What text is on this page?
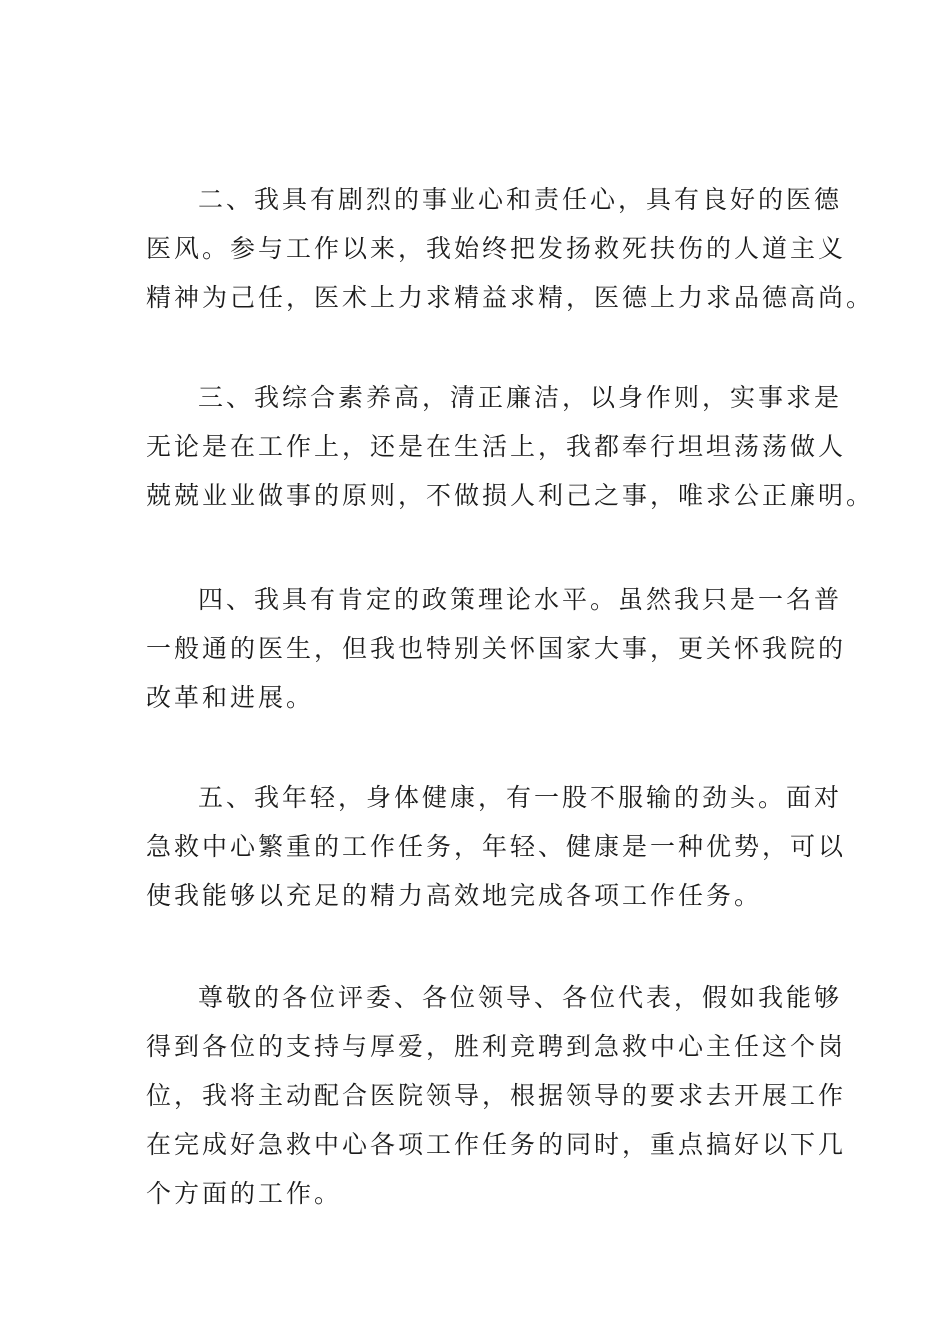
二、我具有剧烈的事业心和责任心，具有良好的医德
医风。参与工作以来，我始终把发扬救死扶伤的人道主义
精神为己任，医术上力求精益求精，医德上力求品德高尚。
三、我综合素养高，清正廉洁，以身作则，实事求是
无论是在工作上，还是在生活上，我都奉行坦坦荡荡做人
兢兢业业做事的原则，不做损人利己之事，唯求公正廉明。
四、我具有肯定的政策理论水平。虽然我只是一名普
一般通的医生，但我也特别关怀国家大事，更关怀我院的
改革和进展。
五、我年轻，身体健康，有一股不服输的劲头。面对
急救中心繁重的工作任务，年轻、健康是一种优势，可以
使我能够以充足的精力高效地完成各项工作任务。
尊敬的各位评委、各位领导、各位代表，假如我能够
得到各位的支持与厚爱，胜利竞聘到急救中心主任这个岗
位，我将主动配合医院领导，根据领导的要求去开展工作
在完成好急救中心各项工作任务的同时，重点搞好以下几
个方面的工作。
